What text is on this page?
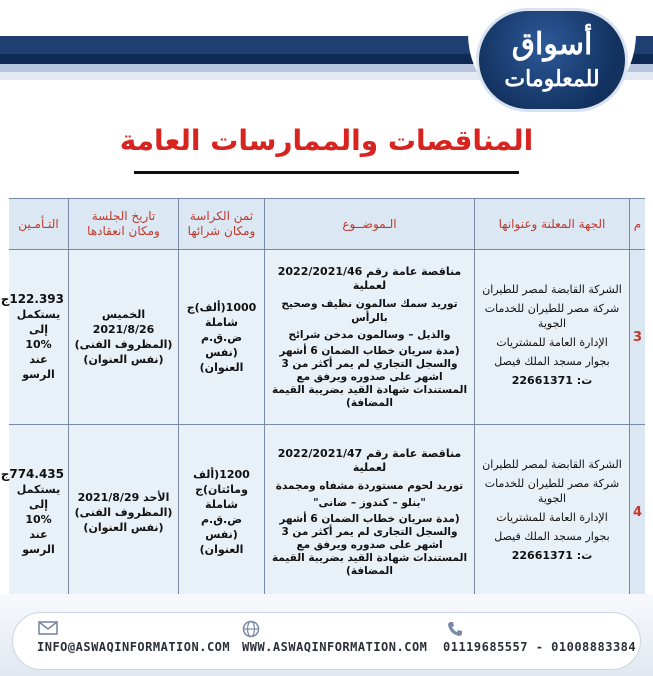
أسواق
للمعلومات
المناقصات والممارسات العامة
م
الجهة المعلنة وعنوانها
الـموضــوع
ثمن الكراسة
ومكان شرائها
تاريخ الجلسة
ومكان انعقادها
التـأمـين
3
الشركة القابضة لمصر للطيران
شركة مصر للطيران للخدمات الجوية
الإدارة العامة للمشتريات
بجوار مسجد الملك فيصل
ت: 22661371
مناقصة عامة رقم 2022/2021/46 لعملية
توريد سمك سالمون نظيف وصحيح بالرأس
والذيل – وسالمون مدخن شرائح
(مدة سريان خطاب الضمان 6 أشهر والسجل التجاري لم يمر أكثر من 3 اشهر على صدوره ويرفق مع المستندات شهادة القيد بضريبة القيمة المضافة)
1000(ألف)ج
شاملة ض.ق.م
(نفس العنوان)
الخميس 2021/8/26
(المظروف الفنى)
(نفس العنوان)
122.393ج
يستكمل إلى
10%
عند الرسو
4
الشركة القابضة لمصر للطيران
شركة مصر للطيران للخدمات الجوية
الإدارة العامة للمشتريات
بجوار مسجد الملك فيصل
ت: 22661371
مناقصة عامة رقم 2022/2021/47 لعملية
توريد لحوم مستوردة مشفاه ومجمدة
"بنلو – كندوز – ضانى"
(مدة سريان خطاب الضمان 6 أشهر والسجل التجارى لم يمر أكثر من 3 اشهر على صدوره ويرفق مع المستندات شهادة القيد بضريبة القيمة المضافة)
1200(ألف
ومائتان)ج
شاملة ض.ق.م
(نفس العنوان)
الأحد 2021/8/29
(المظروف الفنى)
(نفس العنوان)
774.435ج
يستكمل إلى
10%
عند الرسو
INFO@ASWAQINFORMATION.COM WWW.ASWAQINFORMATION.COM 01119685557 - 01008883384
